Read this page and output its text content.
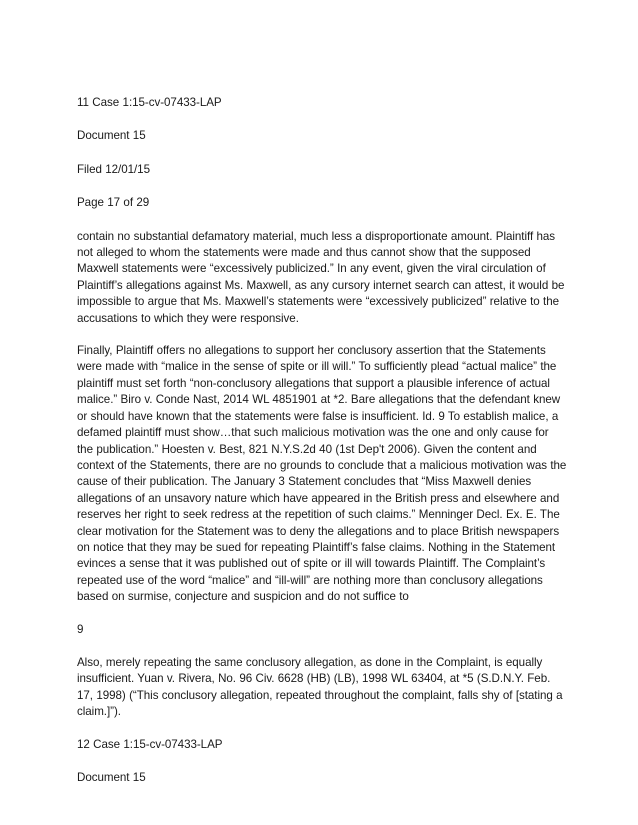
11 Case 1:15-cv-07433-LAP

Document 15

Filed 12/01/15

Page 17 of 29

contain no substantial defamatory material, much less a disproportionate amount. Plaintiff has not alleged to whom the statements were made and thus cannot show that the supposed Maxwell statements were “excessively publicized.” In any event, given the viral circulation of Plaintiff’s allegations against Ms. Maxwell, as any cursory internet search can attest, it would be impossible to argue that Ms. Maxwell’s statements were “excessively publicized” relative to the accusations to which they were responsive.

Finally, Plaintiff offers no allegations to support her conclusory assertion that the Statements were made with “malice in the sense of spite or ill will.” To sufficiently plead “actual malice” the plaintiff must set forth “non-conclusory allegations that support a plausible inference of actual malice.” Biro v. Conde Nast, 2014 WL 4851901 at *2. Bare allegations that the defendant knew or should have known that the statements were false is insufficient. Id. 9 To establish malice, a defamed plaintiff must show…that such malicious motivation was the one and only cause for the publication.” Hoesten v. Best, 821 N.Y.S.2d 40 (1st Dep't 2006). Given the content and context of the Statements, there are no grounds to conclude that a malicious motivation was the cause of their publication. The January 3 Statement concludes that “Miss Maxwell denies allegations of an unsavory nature which have appeared in the British press and elsewhere and reserves her right to seek redress at the repetition of such claims.” Menninger Decl. Ex. E. The clear motivation for the Statement was to deny the allegations and to place British newspapers on notice that they may be sued for repeating Plaintiff’s false claims. Nothing in the Statement evinces a sense that it was published out of spite or ill will towards Plaintiff. The Complaint’s repeated use of the word “malice” and “ill-will” are nothing more than conclusory allegations based on surmise, conjecture and suspicion and do not suffice to

9

Also, merely repeating the same conclusory allegation, as done in the Complaint, is equally insufficient. Yuan v. Rivera, No. 96 Civ. 6628 (HB) (LB), 1998 WL 63404, at *5 (S.D.N.Y. Feb. 17, 1998) (“This conclusory allegation, repeated throughout the complaint, falls shy of [stating a claim.]”).

12 Case 1:15-cv-07433-LAP

Document 15
